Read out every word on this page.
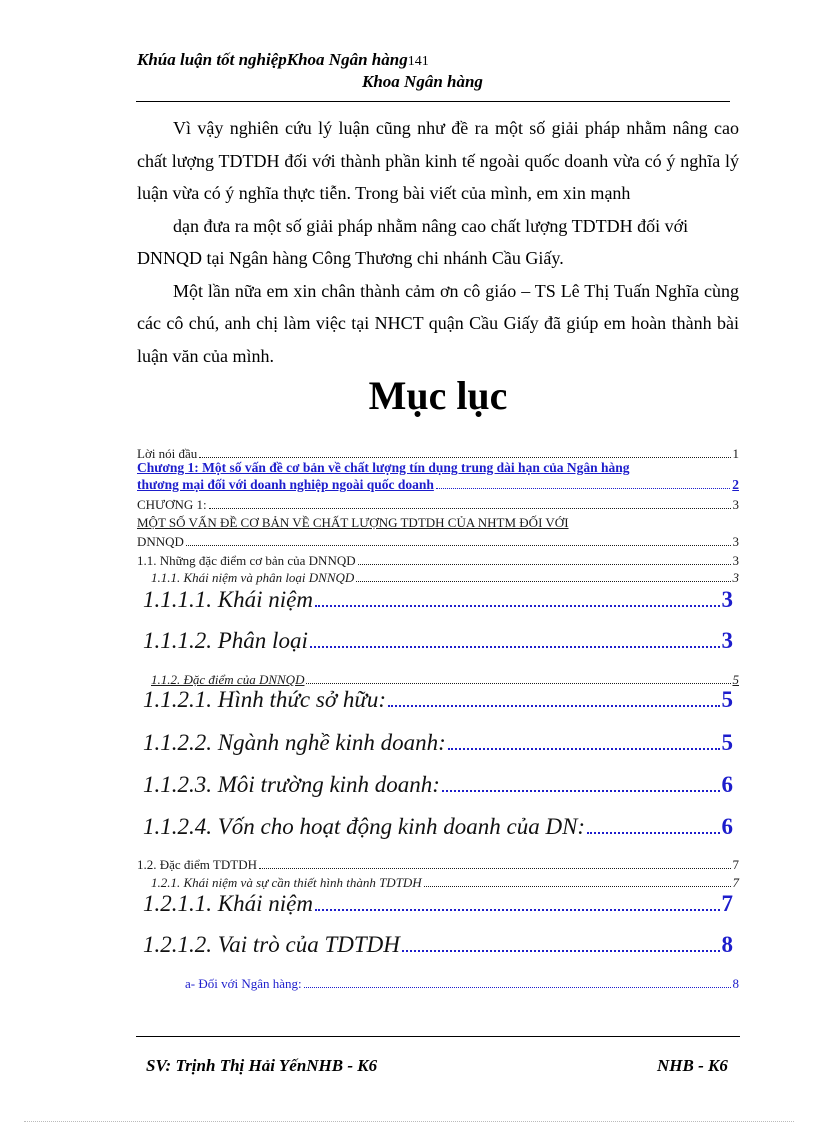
Khúa luận tốt nghiệpKhoa Ngân hàng141
Khoa Ngân hàng

Vì vậy nghiên cứu lý luận cũng như đề ra một số giải pháp nhằm nâng cao chất lượng TDTDH đối với thành phần kinh tế ngoài quốc doanh vừa có ý nghĩa lý luận vừa có ý nghĩa thực tiễn. Trong bài viết của mình, em xin mạnh

dạn đưa ra một số giải pháp nhằm nâng cao chất lượng TDTDH đối với

DNNQD tại Ngân hàng Công Thương chi nhánh Cầu Giấy.

Một lần nữa em xin chân thành cảm ơn cô giáo – TS Lê Thị Tuấn Nghĩa cùng các cô chú, anh chị làm việc tại NHCT quận Cầu Giấy đã giúp em hoàn thành bài luận văn của mình.

Mục lục
Lời nói đầu	1
Chương 1: Một số vấn đề cơ bản về chất lượng tín dụng trung dài hạn của Ngân hàng
thương mại đối với doanh nghiệp ngoài quốc doanh	2
CHƯƠNG 1:	3
MỘT SỐ VẤN ĐỀ CƠ BẢN VỀ CHẤT LƯỢNG TDTDH CỦA NHTM ĐỐI VỚI
DNNQD	3
1.1. Những đặc điểm cơ bản của DNNQD	3
1.1.1. Khái niệm và phân loại DNNQD	3
1.1.1.1. Khái niệm	3
1.1.1.2. Phân loại	3
1.1.2. Đặc điểm của DNNQD	5
1.1.2.1. Hình thức sở hữu:	5
1.1.2.2. Ngành nghề kinh doanh:	5
1.1.2.3. Môi trường kinh doanh:	6
1.1.2.4. Vốn cho hoạt động kinh doanh của DN:	6
1.2. Đặc điểm TDTDH	7
1.2.1. Khái niệm và sự cần thiết hình thành TDTDH	7
1.2.1.1. Khái niệm	7
1.2.1.2. Vai trò của TDTDH	8
a- Đối với Ngân hàng:	8
SV: Trịnh Thị Hải YếnNHB - K6	NHB - K6
